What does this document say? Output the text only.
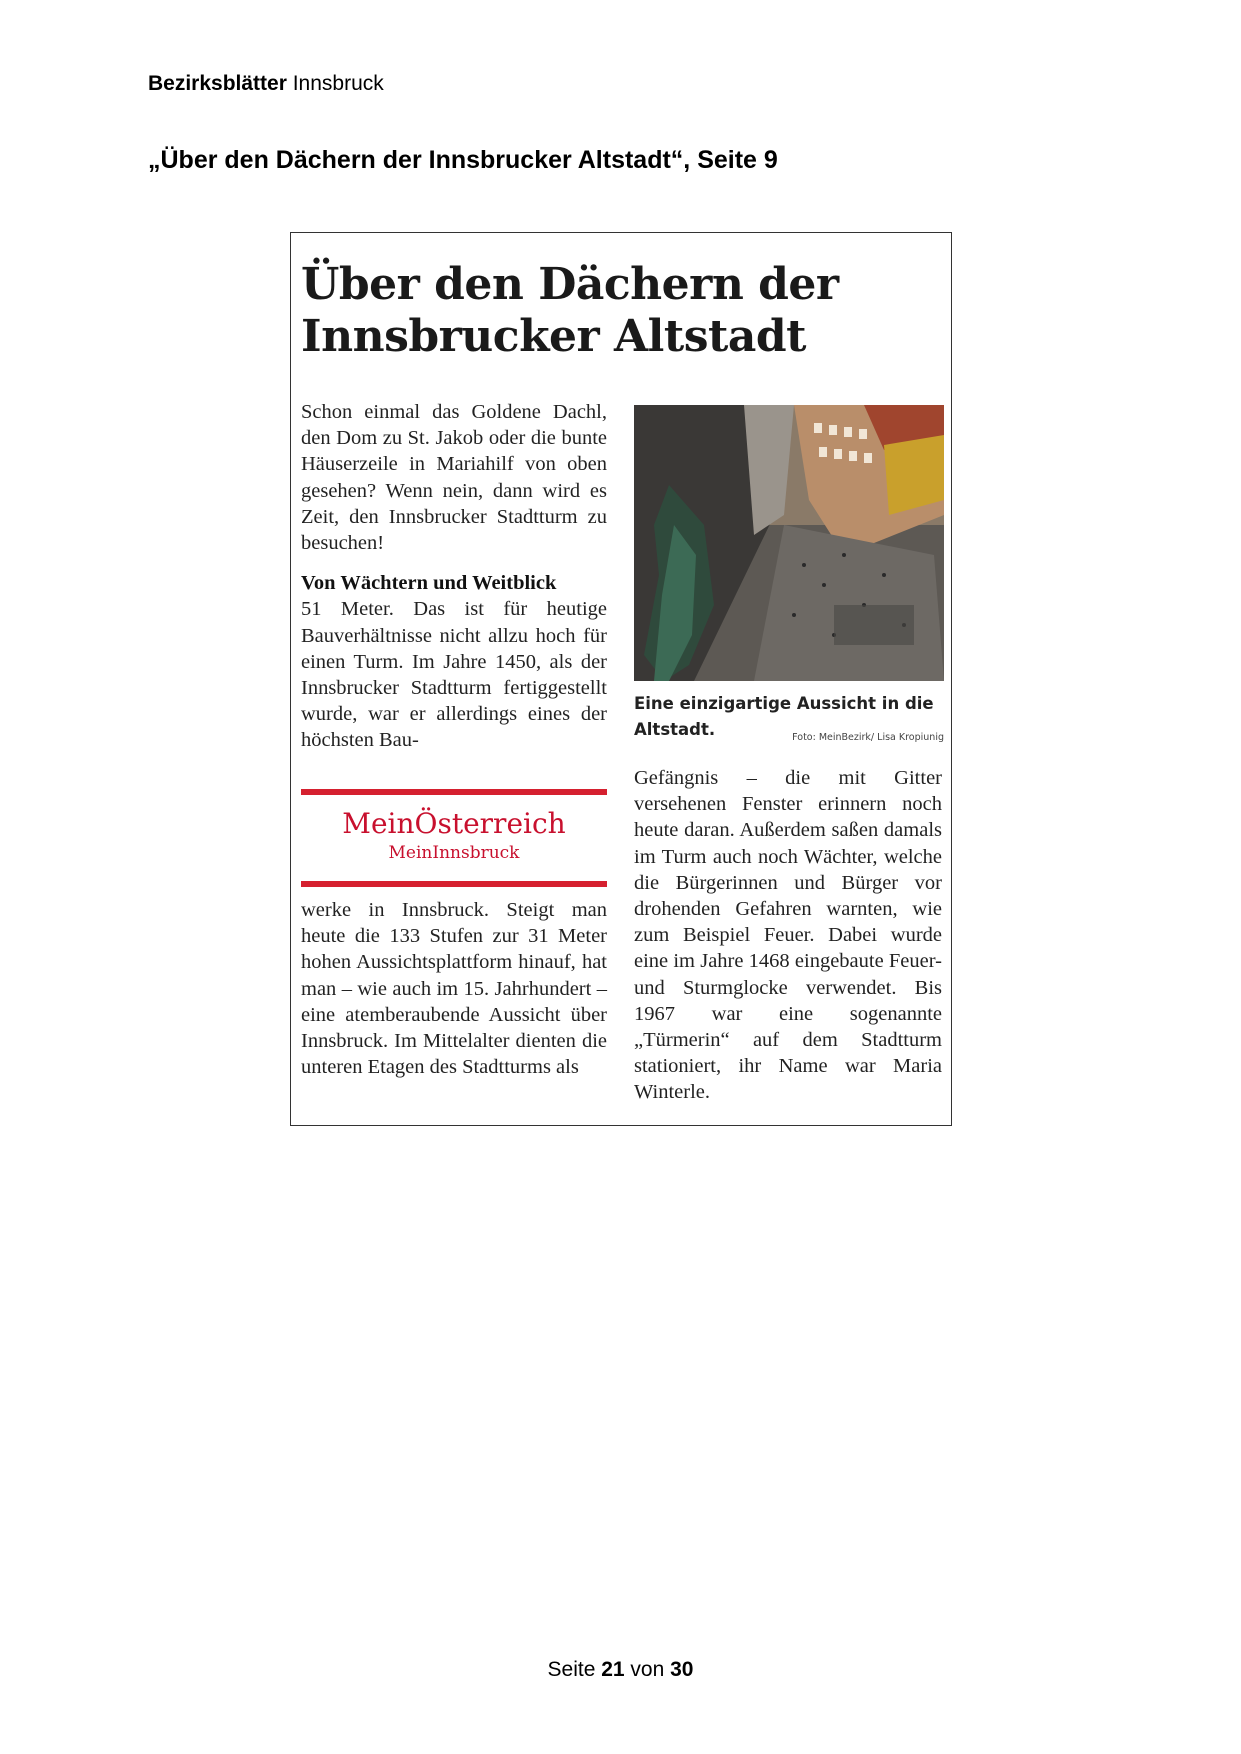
Bezirksblätter Innsbruck
„Über den Dächern der Innsbrucker Altstadt“, Seite 9
Über den Dächern der
Innsbrucker Altstadt
Schon einmal das Goldene Dachl, den Dom zu St. Jakob oder die bunte Häuserzeile in Mariahilf von oben gesehen? Wenn nein, dann wird es Zeit, den Innsbrucker Stadtturm zu besuchen!
Von Wächtern und Weitblick
51 Meter. Das ist für heutige Bauverhältnisse nicht allzu hoch für einen Turm. Im Jahre 1450, als der Innsbrucker Stadtturm fertiggestellt wurde, war er allerdings eines der höchsten Bau-
MeinÖsterreich
MeinInnsbruck
werke in Innsbruck. Steigt man heute die 133 Stufen zur 31 Meter hohen Aussichtsplattform hinauf, hat man – wie auch im 15. Jahrhundert – eine atemberaubende Aussicht über Innsbruck. Im Mittelalter dienten die unteren Etagen des Stadtturms als
Eine einzigartige Aussicht in die Altstadt.	Foto: MeinBezirk/ Lisa Kropiunig
Gefängnis – die mit Gitter versehenen Fenster erinnern noch heute daran. Außerdem saßen damals im Turm auch noch Wächter, welche die Bürgerinnen und Bürger vor drohenden Gefahren warnten, wie zum Beispiel Feuer. Dabei wurde eine im Jahre 1468 eingebaute Feuer- und Sturmglocke verwendet. Bis 1967 war eine sogenannte „Türmerin“ auf dem Stadtturm stationiert, ihr Name war Maria Winterle.
Seite 21 von 30
